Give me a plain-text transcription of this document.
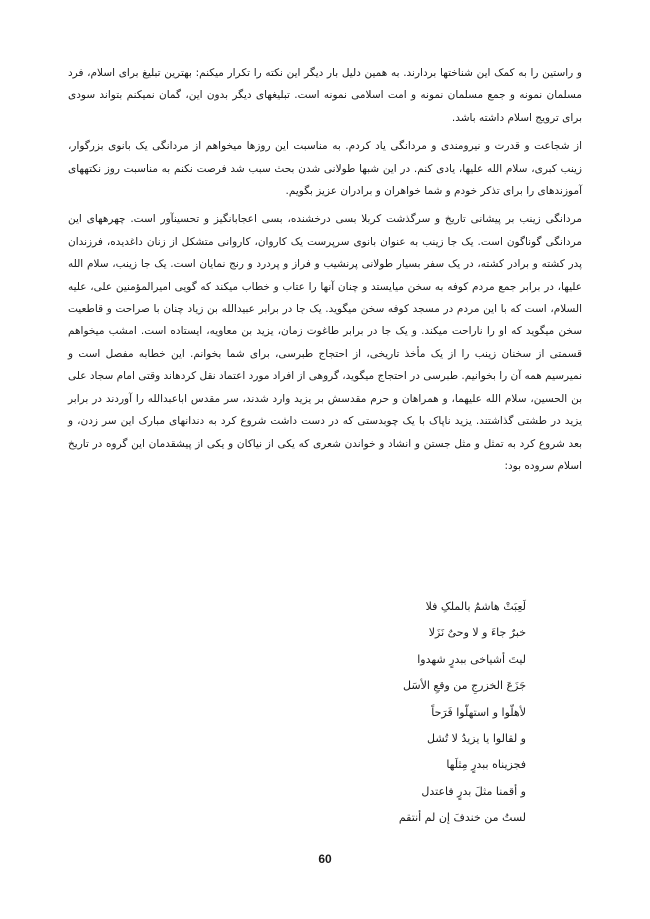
و راستین را به کمک این شناختها بردارند. به همین دلیل بار دیگر این نکته را تکرار میکنم: بهترین تبلیغ برای اسلام، فرد مسلمان نمونه و جمع مسلمان نمونه و امت اسلامی نمونه است. تبلیغهای دیگر بدون این، گمان نمیکنم بتواند سودی برای ترویج اسلام داشته باشد.

از شجاعت و قدرت و نیرومندی و مردانگی یاد کردم. به مناسبت این روزها میخواهم از مردانگی یک بانوی بزرگوار، زینب کبری، سلام الله علیها، یادی کنم. در این شبها طولانی شدن بحث سبب شد فرصت نکنم به مناسبت روز نکتههای آموزندهای را برای تذکر خودم و شما خواهران و برادران عزیز بگویم.

مردانگی زینب بر پیشانی تاریخ و سرگذشت کربلا بسی درخشنده، بسی اعجابانگیز و تحسینآور است. چهرههای این مردانگی گوناگون است. یک جا زینب به عنوان بانوی سرپرست یک کاروان، کاروانی متشکل از زنان داغدیده، فرزندان پدر کشته و برادر کشته، در یک سفر بسیار طولانی پرنشیب و فراز و پردرد و رنج نمایان است. یک جا زینب، سلام الله علیها، در برابر جمع مردم کوفه به سخن میایستد و چنان آنها را عتاب و خطاب میکند که گویی امیرالمؤمنین علی، علیه السلام، است که با این مردم در مسجد کوفه سخن میگوید. یک جا در برابر عبیدالله بن زیاد چنان با صراحت و قاطعیت سخن میگوید که او را ناراحت میکند. و یک جا در برابر طاغوت زمان، یزید بن معاویه، ایستاده است. امشب میخواهم قسمتی از سخنان زینب را از یک مأخذ تاریخی، از احتجاج طبرسی، برای شما بخوانم. این خطابه مفصل است و نمیرسیم همه آن را بخوانیم. طبرسی در احتجاج میگوید، گروهی از افراد مورد اعتماد نقل کردهاند وقتی امام سجاد علی بن الحسین، سلام الله علیهما، و همراهان و حرم مقدسش بر یزید وارد شدند، سر مقدس اباعبدالله را آوردند در برابر یزید در طشتی گذاشتند. یزید ناپاک با یک چوبدستی که در دست داشت شروع کرد به دندانهای مبارک این سر زدن، و بعد شروع کرد به تمثل و مثل جستن و انشاد و خواندن شعری که یکی از نیاکان و یکی از پیشقدمان این گروه در تاریخ اسلام سروده بود:

لَعِبَتْ هاشمُ بالملکِ فلا
خبرٌ جاءَ و لا وحیٌ نَزَلا
لیتَ أشیاخی ببدرٍ شهدوا
جَزَعَ الخزرجِ من وقعِ الأسَل
لأهلّوا و استهلّوا فَرَحاً
و لقالوا یا یزیدُ لا تُشل
فجزیناه ببدرٍ مِثلَها
و أقمنا مثلَ بدرٍ فاعتدل
لستُ من خندفَ إن لم أنتقم
60
